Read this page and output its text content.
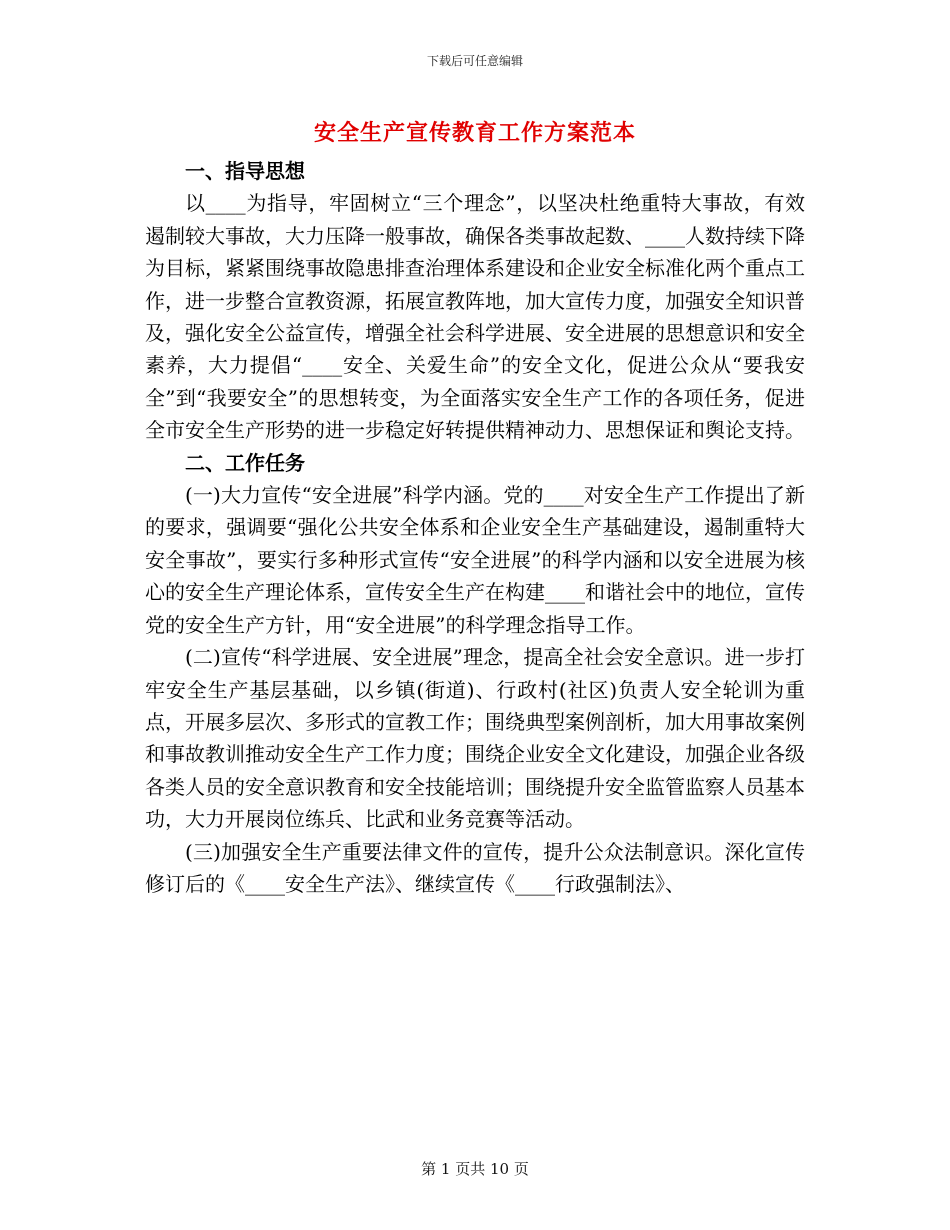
下载后可任意编辑
安全生产宣传教育工作方案范本
一、指导思想

以____为指导，牢固树立“三个理念”，以坚决杜绝重特大事故，有效遏制较大事故，大力压降一般事故，确保各类事故起数、____人数持续下降为目标，紧紧围绕事故隐患排查治理体系建设和企业安全标准化两个重点工作，进一步整合宣教资源，拓展宣教阵地，加大宣传力度，加强安全知识普及，强化安全公益宣传，增强全社会科学进展、安全进展的思想意识和安全素养，大力提倡“____安全、关爱生命”的安全文化，促进公众从“要我安全”到“我要安全”的思想转变，为全面落实安全生产工作的各项任务，促进全市安全生产形势的进一步稳定好转提供精神动力、思想保证和舆论支持。

二、工作任务

(一)大力宣传“安全进展”科学内涵。党的____对安全生产工作提出了新的要求，强调要“强化公共安全体系和企业安全生产基础建设，遏制重特大安全事故”，要实行多种形式宣传“安全进展”的科学内涵和以安全进展为核心的安全生产理论体系，宣传安全生产在构建____和谐社会中的地位，宣传党的安全生产方针，用“安全进展”的科学理念指导工作。

(二)宣传“科学进展、安全进展”理念，提高全社会安全意识。进一步打牢安全生产基层基础，以乡镇(街道)、行政村(社区)负责人安全轮训为重点，开展多层次、多形式的宣教工作；围绕典型案例剖析，加大用事故案例和事故教训推动安全生产工作力度；围绕企业安全文化建设，加强企业各级各类人员的安全意识教育和安全技能培训；围绕提升安全监管监察人员基本功，大力开展岗位练兵、比武和业务竞赛等活动。

(三)加强安全生产重要法律文件的宣传，提升公众法制意识。深化宣传修订后的《____安全生产法》、继续宣传《____行政强制法》、

第 1 页共 10 页
